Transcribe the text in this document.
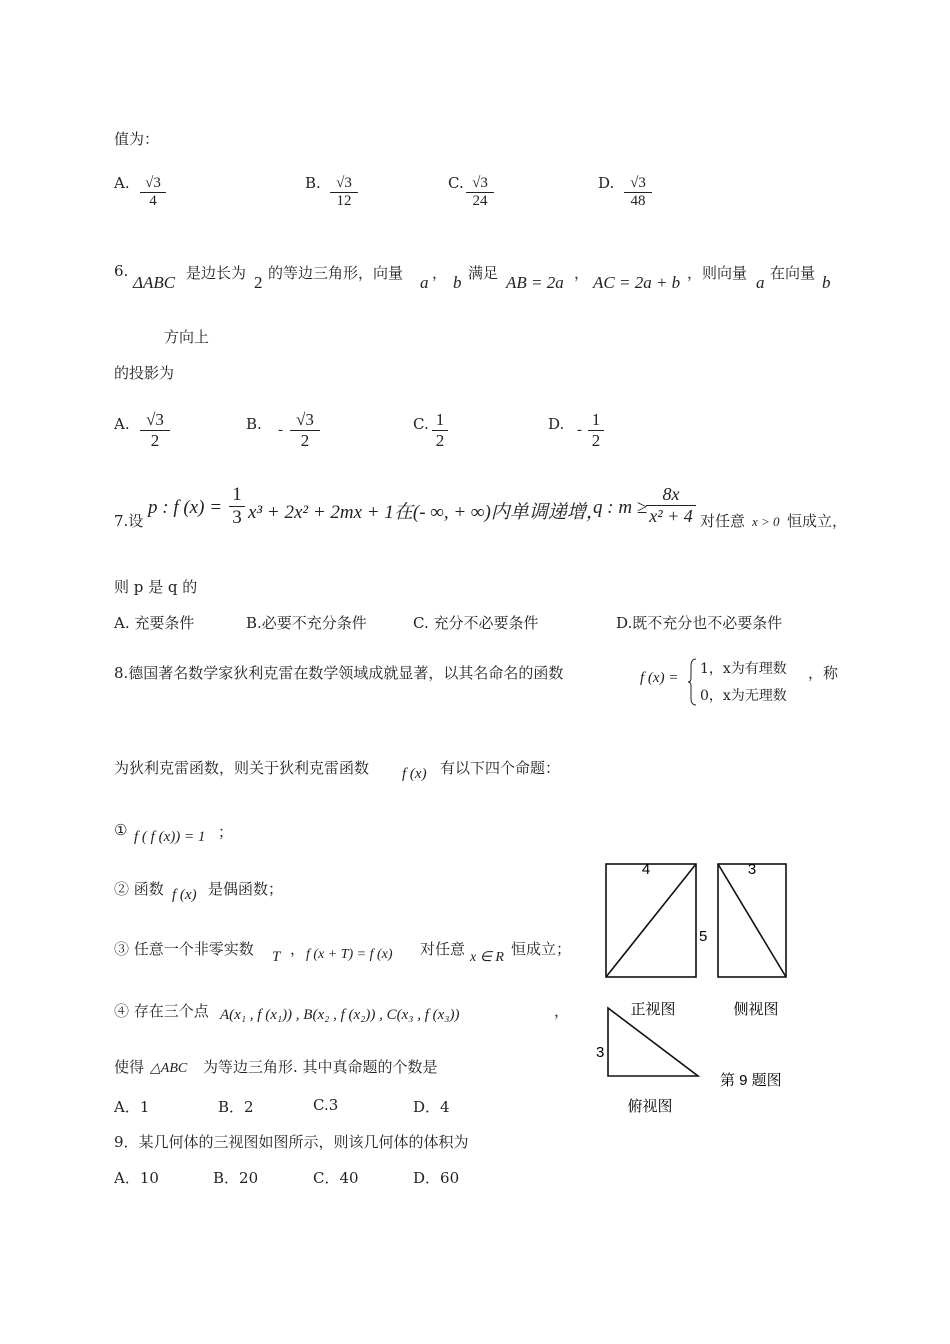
值为：
A.	√3
4
B.	√3
12
C. √3
24
D.	√3
48
6.
ΔABC 是边长为 2 的等边三角形，向量 a ， b 满足 AB = 2a ， AC = 2a + b ，则向量 a 在向量 b
方向上
的投影为
A. √3
2
B. -
√3
2
C. 1
2
D. -
1
2
7.设
p : f (x) =
1
3 x³ + 2x² + 2mx + 1在(- ∞, + ∞)内单调递增，
q : m ≥
8x
x² + 4 对任意 x > 0 恒成立，
则 p 是 q 的
A. 充要条件	B.必要不充分条件	C. 充分不必要条件	D.既不充分也不必要条件
8.德国著名数学家狄利克雷在数学领域成就显著，以其名命名的函数	f (x) =
1，x为有理数
0，x为无理数
，称
为狄利克雷函数，则关于狄利克雷函数 f (x) 有以下四个命题：
① f ( f (x)) = 1 ；
② 函数 f (x) 是偶函数；
③ 任意一个非零实数 T ， f (x + T) = f (x) 对任意 x ∈ R 恒成立；
④ 存在三个点 A(x₁ , f (x₁)) , B(x₂ , f (x₂)) , C(x₃ , f (x₃))	，
使得 △ABC 为等边三角形. 其中真命题的个数是
A．1	B．2	C.3	D．4
9．某几何体的三视图如图所示，则该几何体的体积为
A．10	B．20	C．40	D．60
4
5
3
正视图	侧视图
3
第 9 题图
俯视图
